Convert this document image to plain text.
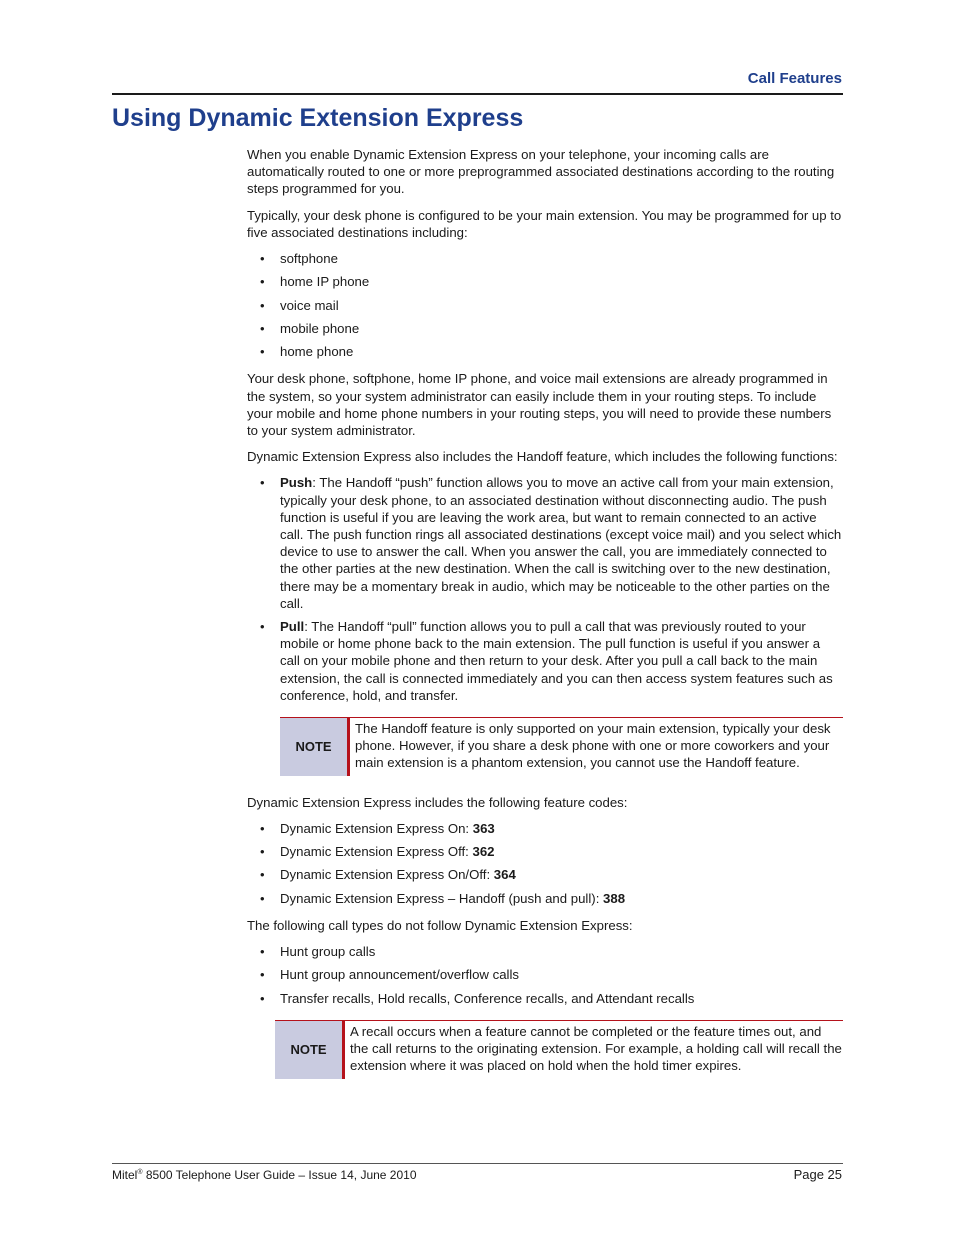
Call Features
Using Dynamic Extension Express

When you enable Dynamic Extension Express on your telephone, your incoming calls are automatically routed to one or more preprogrammed associated destinations according to the routing steps programmed for you.

Typically, your desk phone is configured to be your main extension. You may be programmed for up to five associated destinations including:

• softphone
• home IP phone
• voice mail
• mobile phone
• home phone

Your desk phone, softphone, home IP phone, and voice mail extensions are already programmed in the system, so your system administrator can easily include them in your routing steps. To include your mobile and home phone numbers in your routing steps, you will need to provide these numbers to your system administrator.

Dynamic Extension Express also includes the Handoff feature, which includes the following functions:

• Push: The Handoff “push” function allows you to move an active call from your main extension, typically your desk phone, to an associated destination without disconnecting audio. The push function is useful if you are leaving the work area, but want to remain connected to an active call. The push function rings all associated destinations (except voice mail) and you select which device to use to answer the call. When you answer the call, you are immediately connected to the other parties at the new destination. When the call is switching over to the new destination, there may be a momentary break in audio, which may be noticeable to the other parties on the call.
• Pull: The Handoff “pull” function allows you to pull a call that was previously routed to your mobile or home phone back to the main extension. The pull function is useful if you answer a call on your mobile phone and then return to your desk. After you pull a call back to the main extension, the call is connected immediately and you can then access system features such as conference, hold, and transfer.
NOTE
The Handoff feature is only supported on your main extension, typically your desk phone. However, if you share a desk phone with one or more coworkers and your main extension is a phantom extension, you cannot use the Handoff feature.

Dynamic Extension Express includes the following feature codes:

• Dynamic Extension Express On: 363
• Dynamic Extension Express Off: 362
• Dynamic Extension Express On/Off: 364
• Dynamic Extension Express – Handoff (push and pull): 388

The following call types do not follow Dynamic Extension Express:

• Hunt group calls
• Hunt group announcement/overflow calls
• Transfer recalls, Hold recalls, Conference recalls, and Attendant recalls
NOTE
A recall occurs when a feature cannot be completed or the feature times out, and the call returns to the originating extension. For example, a holding call will recall the extension where it was placed on hold when the hold timer expires.
Mitel® 8500 Telephone User Guide – Issue 14, June 2010	Page 25
